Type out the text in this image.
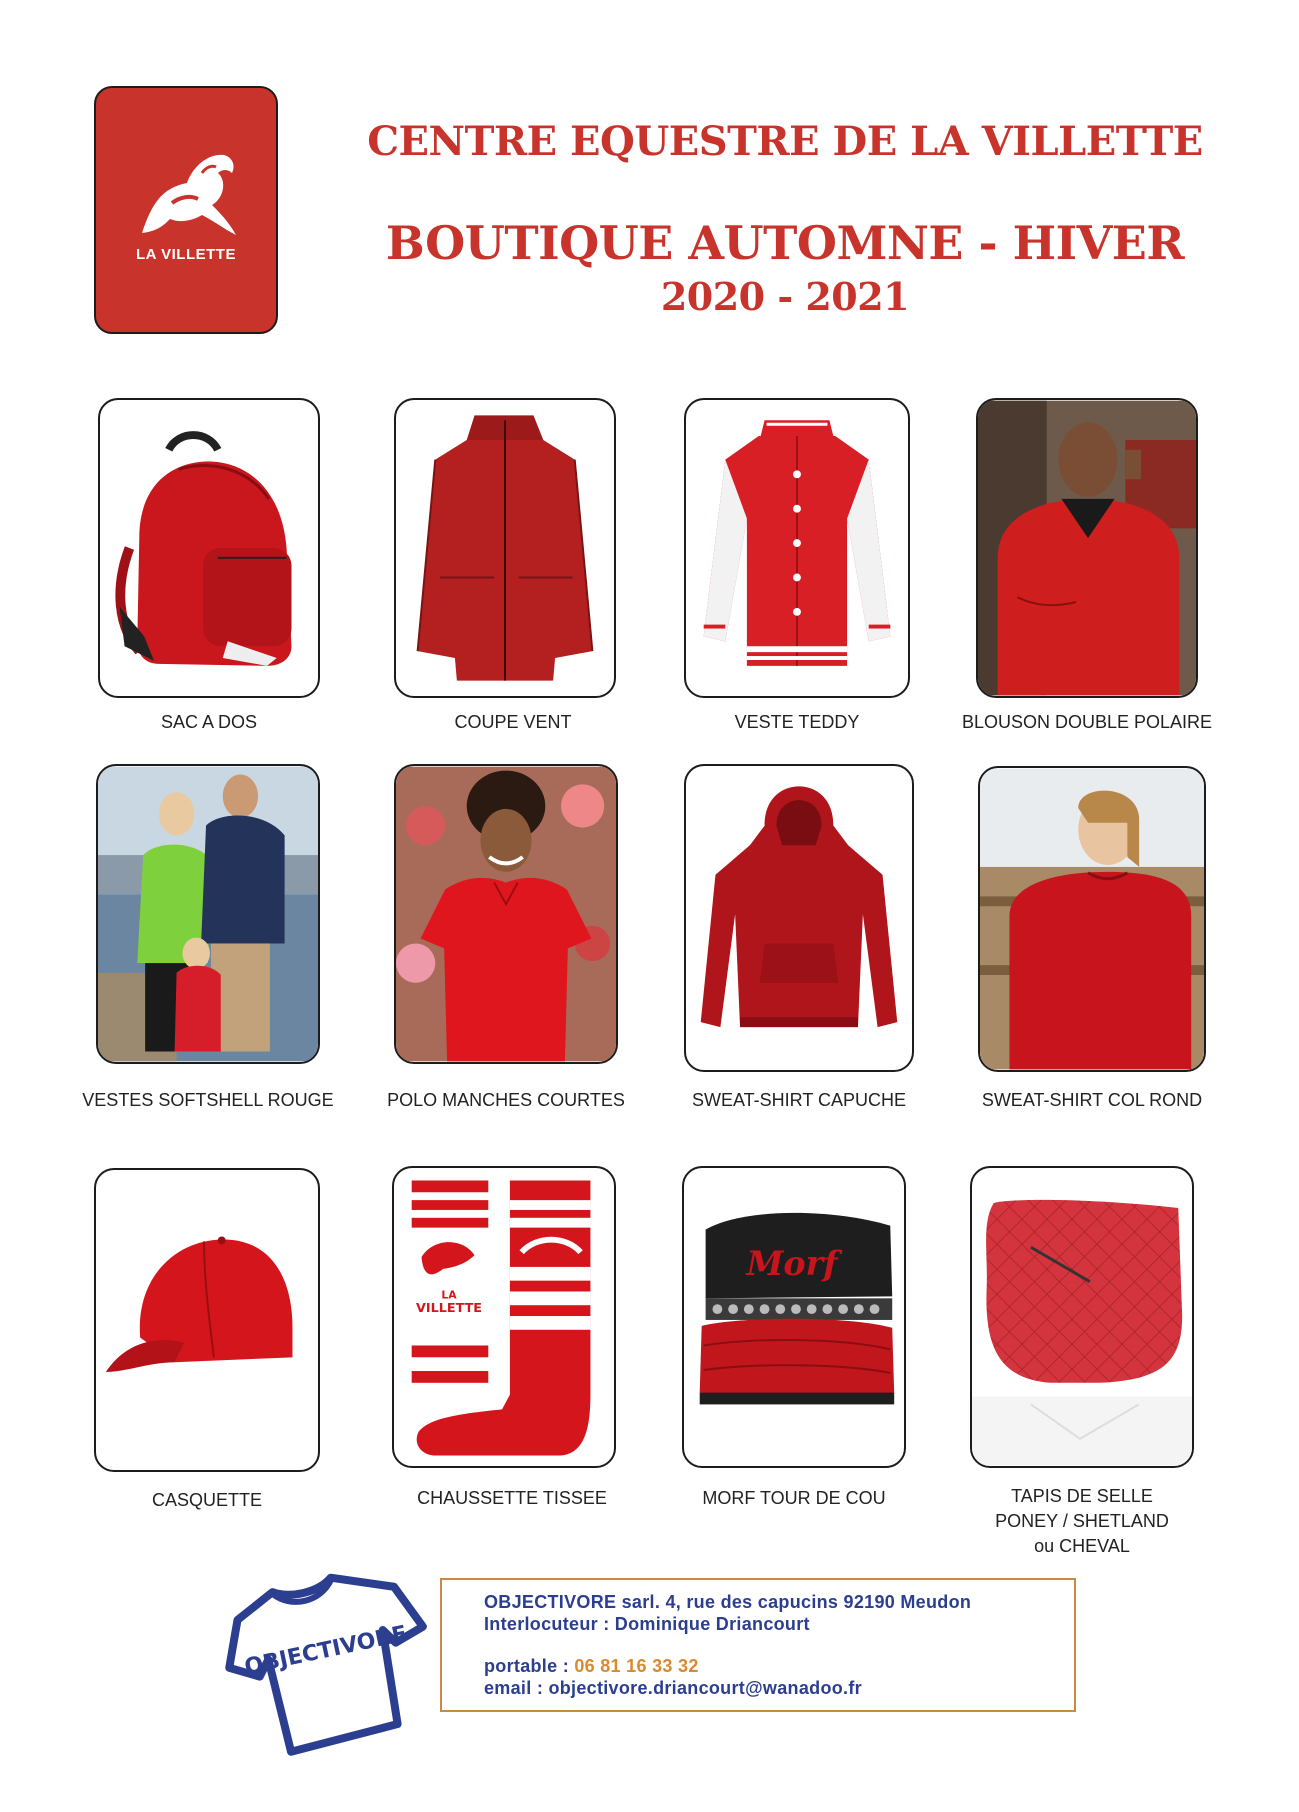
LA VILLETTE
CENTRE EQUESTRE DE LA VILLETTE
BOUTIQUE AUTOMNE - HIVER
2020 - 2021
SAC A DOS	COUPE VENT	VESTE TEDDY	BLOUSON DOUBLE POLAIRE
VESTES SOFTSHELL ROUGE	POLO MANCHES COURTES	SWEAT-SHIRT CAPUCHE	SWEAT-SHIRT COL ROND
CASQUETTE
LA
VILLETTE
CHAUSSETTE TISSEE
Morf
MORF TOUR DE COU	TAPIS DE SELLE
PONEY / SHETLAND
ou CHEVAL
OBJECTIVORE
OBJECTIVORE sarl. 4, rue des capucins 92190 Meudon
Interlocuteur : Dominique Driancourt
portable : 06 81 16 33 32
email : objectivore.driancourt@wanadoo.fr
